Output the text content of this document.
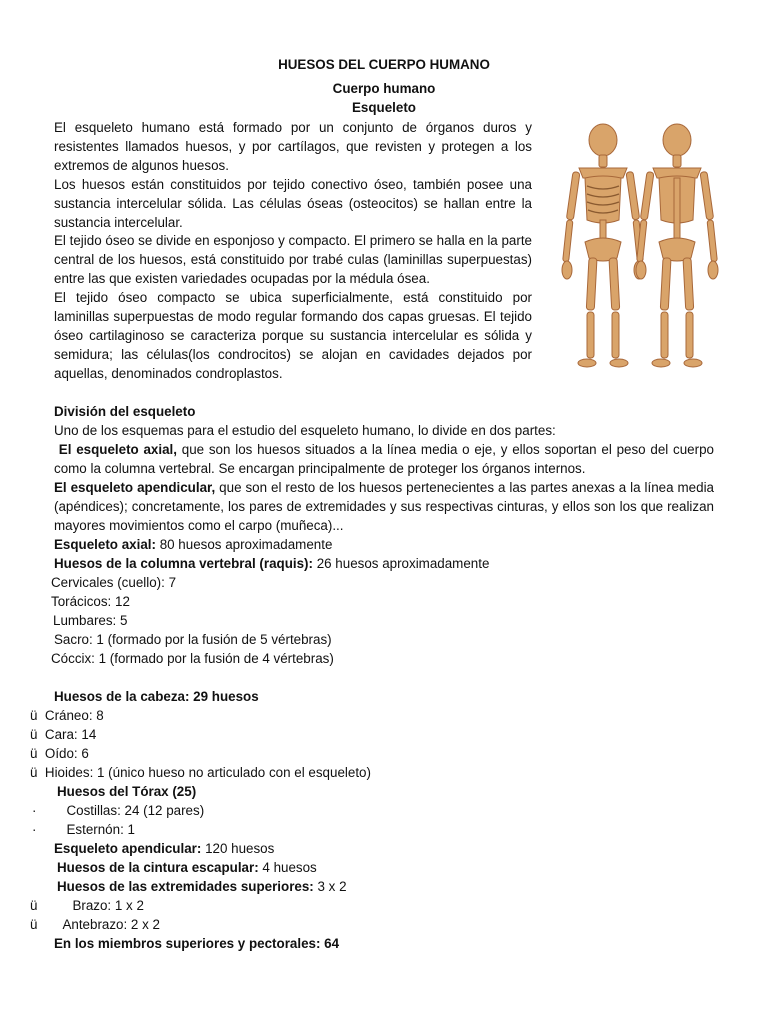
HUESOS DEL CUERPO HUMANO
Cuerpo humano
Esqueleto

El esqueleto humano está formado por un conjunto de órganos duros y resistentes llamados huesos, y por cartílagos, que revisten y protegen a los extremos de algunos huesos.

Los huesos están constituidos por tejido conectivo óseo, también posee una sustancia intercelular sólida. Las células óseas (osteocitos) se hallan entre la sustancia intercelular.

El tejido óseo se divide en esponjoso y compacto. El primero se halla en la parte central de los huesos, está constituido por trabé culas (laminillas superpuestas) entre las que existen variedades ocupadas por la médula ósea.

El tejido óseo compacto se ubica superficialmente, está constituido por laminillas superpuestas de modo regular formando dos capas gruesas. El tejido óseo cartilaginoso se caracteriza porque su sustancia intercelular es sólida y semidura; las células(los condrocitos) se alojan en cavidades dejados por aquellas, denominados condroplastos.

División del esqueleto
Uno de los esquemas para el estudio del esqueleto humano, lo divide en dos partes:

El esqueleto axial, que son los huesos situados a la línea media o eje, y ellos soportan el peso del cuerpo como la columna vertebral. Se encargan principalmente de proteger los órganos internos.

El esqueleto apendicular, que son el resto de los huesos pertenecientes a las partes anexas a la línea media (apéndices); concretamente, los pares de extremidades y sus respectivas cinturas, y ellos son los que realizan mayores movimientos como el carpo (muñeca)...

Esqueleto axial: 80 huesos aproximadamente
Huesos de la columna vertebral (raquis): 26 huesos aproximadamente
Cervicales (cuello): 7
Torácicos: 12
Lumbares: 5
Sacro: 1 (formado por la fusión de 5 vértebras)
Cóccix: 1 (formado por la fusión de 4 vértebras)
Huesos de la cabeza: 29 huesos
ü Cráneo: 8
ü Cara: 14
ü Oído: 6
ü Hioides: 1 (único hueso no articulado con el esqueleto)
Huesos del Tórax (25)
· Costillas: 24 (12 pares)
· Esternón: 1
Esqueleto apendicular: 120 huesos
Huesos de la cintura escapular: 4 huesos
Huesos de las extremidades superiores: 3 x 2
ü	Brazo: 1 x 2
ü Antebrazo: 2 x 2
En los miembros superiores y pectorales: 64
